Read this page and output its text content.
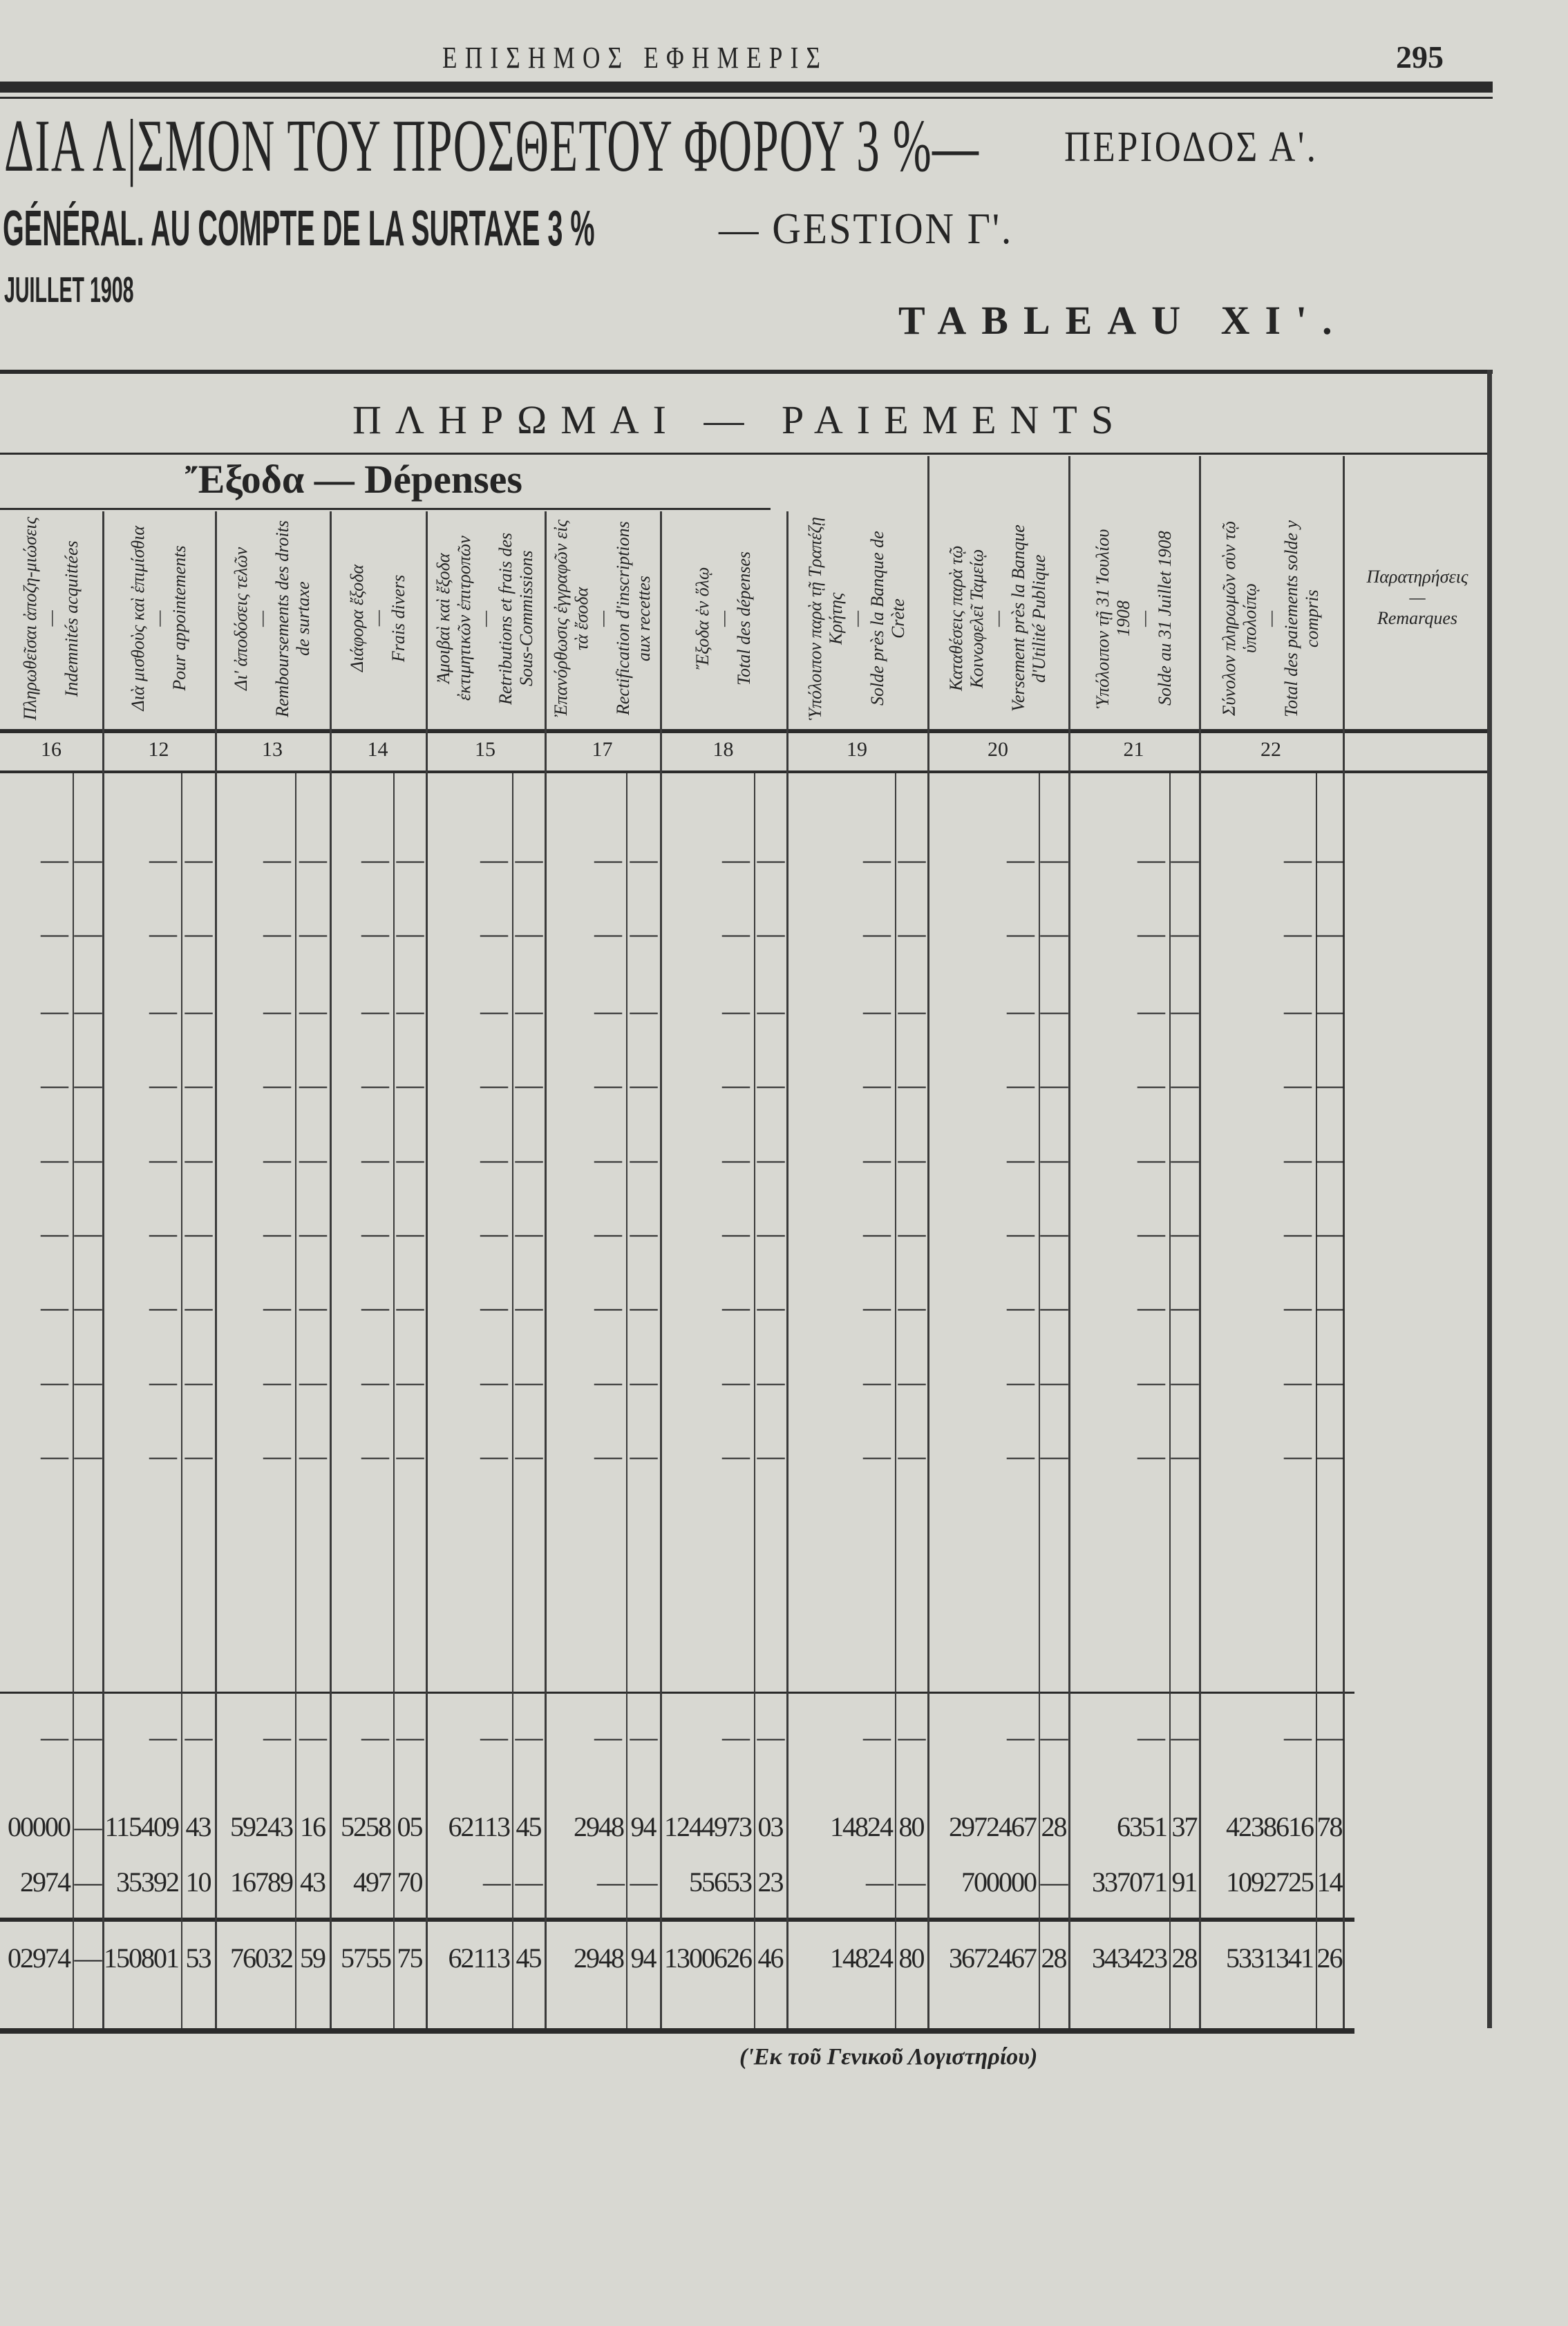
ΕΠΙΣΗΜΟΣ ΕΦΗΜΕΡΙΣ	295
ΔΙΑ Λ|ΣΜΟΝ ΤΟΥ ΠΡΟΣΘΕΤΟΥ ΦΟΡΟΥ 3 %— ΠΕΡΙΟΔΟΣ Α'.
GÉNÉRAL. AU COMPTE DE LA SURTAXE 3 %	— GESTION Γ'.
JUILLET 1908
TABLEAU XI'.
ΠΛΗΡΩΜΑΙ — PAIEMENTS
Ἔξοδα — Dépenses
Παρατηρήσεις
—
Remarques
Πληρωθεῖσαι ἀποζη-μιώσεις — Indemnités acquittées
16
— —
— —
— —
— —
— —
— —
— —
— —
— —
— —
00000 —
2974 —
02974 —
Διὰ μισθοὺς καὶ ἐπιμίσθια — Pour appointements
12
— —
— —
— —
— —
— —
— —
— —
— —
— —
— —
115409 43
35392 10
150801 53
Δι' ἀποδόσεις τελῶν — Remboursements des droits de surtaxe
13
— —
— —
— —
— —
— —
— —
— —
— —
— —
— —
59243 16
16789 43
76032 59
Διάφορα ἔξοδα — Frais divers
14
— —
— —
— —
— —
— —
— —
— —
— —
— —
— —
5258 05
497 70
5755 75
Ἀμοιβαὶ καὶ ἔξοδα ἐκτιμητικῶν ἐπιτροπῶν — Retributions et frais des Sous-Commissions
15
— —
— —
— —
— —
— —
— —
— —
— —
— —
— —
62113 45
— —
62113 45
Ἐπανόρθωσις ἐγγραφῶν εἰς τὰ ἔσοδα — Rectification d'inscriptions aux recettes
17
— —
— —
— —
— —
— —
— —
— —
— —
— —
— —
2948 94
— —
2948 94
Ἔξοδα ἐν ὅλῳ — Total des dépenses
18
— —
— —
— —
— —
— —
— —
— —
— —
— —
— —
1244973 03
55653 23
1300626 46
Ὑπόλοιπον παρὰ τῇ Τραπέζῃ Κρήτης — Solde près la Banque de Crète
19
— —
— —
— —
— —
— —
— —
— —
— —
— —
— —
14824 80
— —
14824 80
Καταθέσεις παρὰ τῷ Κοινωφελεῖ Ταμείῳ — Versement près la Banque d'Utilité Publique
20
— —
— —
— —
— —
— —
— —
— —
— —
— —
— —
2972467 28
700000 —
3672467 28
Ὑπόλοιπον τῇ 31 Ἰουλίου 1908 — Solde au 31 Juillet 1908
21
— —
— —
— —
— —
— —
— —
— —
— —
— —
— —
6351 37
337071 91
343423 28
Σύνολον πληρωμῶν σὺν τῷ ὑπολοίπῳ — Total des paiements solde y compris
22
— —
— —
— —
— —
— —
— —
— —
— —
— —
— —
4238616 78
1092725 14
5331341 26
('Εκ τοῦ Γενικοῦ Λογιστηρίου)
